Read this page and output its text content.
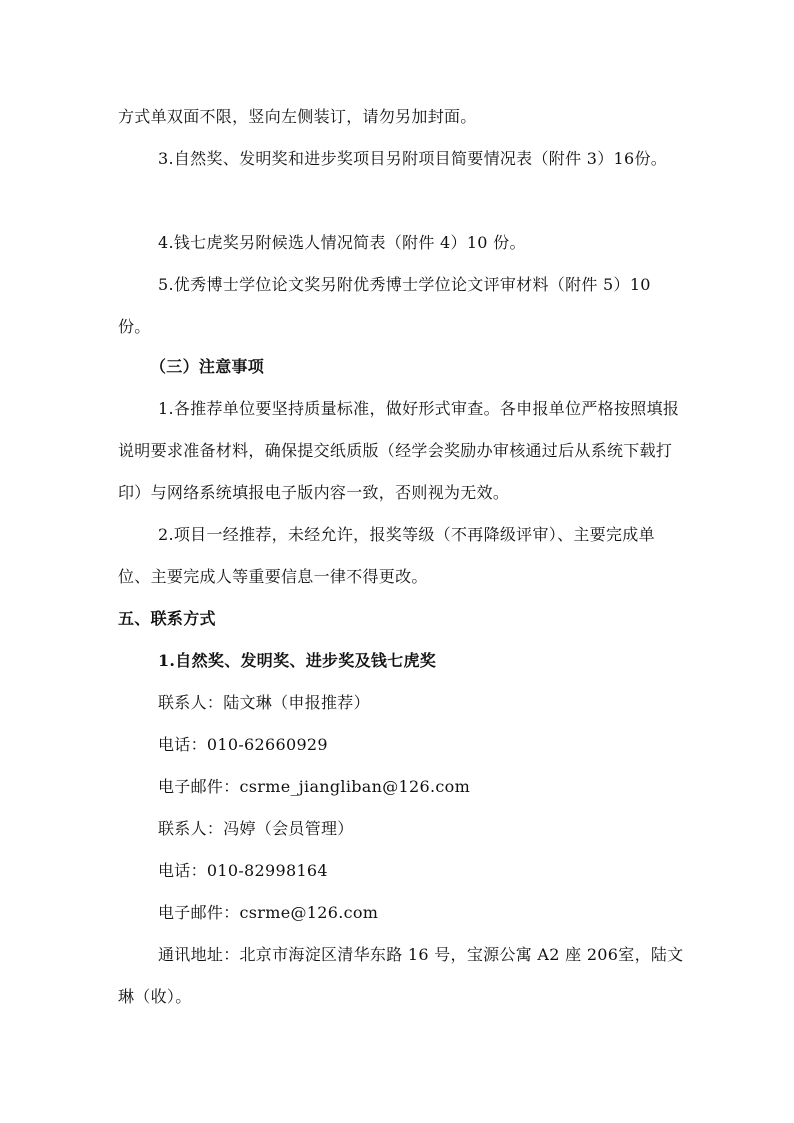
方式单双面不限，竖向左侧装订，请勿另加封面。

3.自然奖、发明奖和进步奖项目另附项目简要情况表（附件 3）16份。

4.钱七虎奖另附候选人情况简表（附件 4）10 份。

5.优秀博士学位论文奖另附优秀博士学位论文评审材料（附件 5）10 份。

（三）注意事项

1.各推荐单位要坚持质量标准，做好形式审查。各申报单位严格按照填报说明要求准备材料，确保提交纸质版（经学会奖励办审核通过后从系统下载打印）与网络系统填报电子版内容一致，否则视为无效。

2.项目一经推荐，未经允许，报奖等级（不再降级评审）、主要完成单位、主要完成人等重要信息一律不得更改。

五、联系方式

1.自然奖、发明奖、进步奖及钱七虎奖

联系人：陆文琳（申报推荐）

电话：010-62660929

电子邮件：csrme_jiangliban@126.com

联系人：冯婷（会员管理）

电话：010-82998164

电子邮件：csrme@126.com

通讯地址：北京市海淀区清华东路 16 号，宝源公寓 A2 座 206室，陆文琳（收）。
